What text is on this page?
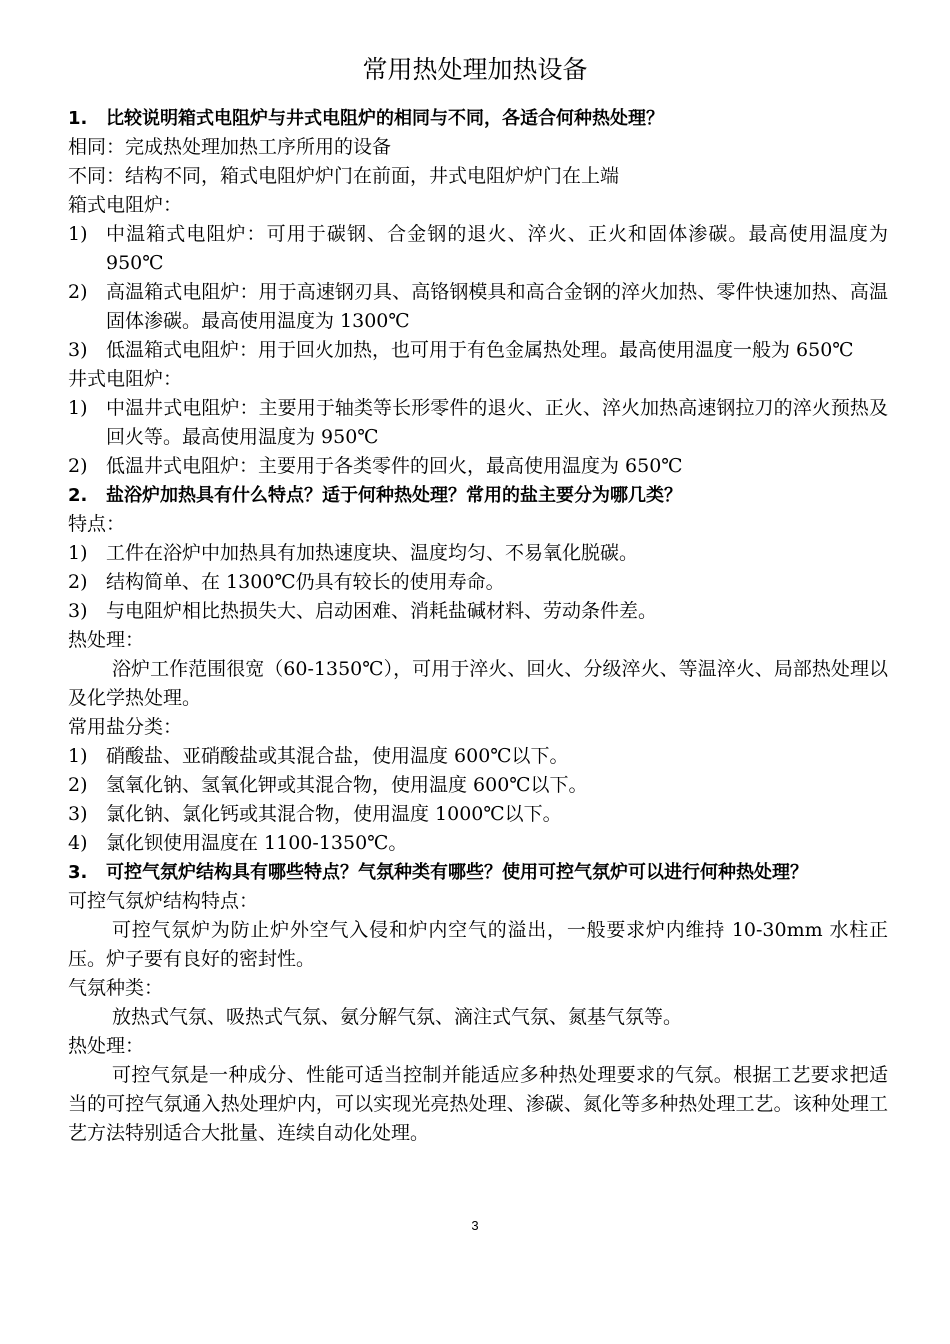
常用热处理加热设备
1.	比较说明箱式电阻炉与井式电阻炉的相同与不同，各适合何种热处理？
相同：完成热处理加热工序所用的设备
不同：结构不同，箱式电阻炉炉门在前面，井式电阻炉炉门在上端
箱式电阻炉：
1) 中温箱式电阻炉：可用于碳钢、合金钢的退火、淬火、正火和固体渗碳。最高使用温度为 950℃
2) 高温箱式电阻炉：用于高速钢刃具、高铬钢模具和高合金钢的淬火加热、零件快速加热、高温固体渗碳。最高使用温度为 1300℃
3) 低温箱式电阻炉：用于回火加热，也可用于有色金属热处理。最高使用温度一般为 650℃
井式电阻炉：
1) 中温井式电阻炉：主要用于轴类等长形零件的退火、正火、淬火加热高速钢拉刀的淬火预热及回火等。最高使用温度为 950℃
2) 低温井式电阻炉：主要用于各类零件的回火，最高使用温度为 650℃
2.	盐浴炉加热具有什么特点？适于何种热处理？常用的盐主要分为哪几类？
特点：
1) 工件在浴炉中加热具有加热速度块、温度均匀、不易氧化脱碳。
2) 结构简单、在 1300℃仍具有较长的使用寿命。
3) 与电阻炉相比热损失大、启动困难、消耗盐碱材料、劳动条件差。
热处理：
浴炉工作范围很宽（60-1350℃），可用于淬火、回火、分级淬火、等温淬火、局部热处理以及化学热处理。
常用盐分类：
1) 硝酸盐、亚硝酸盐或其混合盐，使用温度 600℃以下。
2) 氢氧化钠、氢氧化钾或其混合物，使用温度 600℃以下。
3) 氯化钠、氯化钙或其混合物，使用温度 1000℃以下。
4) 氯化钡使用温度在 1100-1350℃。
3.	可控气氛炉结构具有哪些特点？气氛种类有哪些？使用可控气氛炉可以进行何种热处理？
可控气氛炉结构特点：
可控气氛炉为防止炉外空气入侵和炉内空气的溢出，一般要求炉内维持 10-30mm 水柱正压。炉子要有良好的密封性。
气氛种类：
放热式气氛、吸热式气氛、氨分解气氛、滴注式气氛、氮基气氛等。
热处理：
可控气氛是一种成分、性能可适当控制并能适应多种热处理要求的气氛。根据工艺要求把适当的可控气氛通入热处理炉内，可以实现光亮热处理、渗碳、氮化等多种热处理工艺。该种处理工艺方法特别适合大批量、连续自动化处理。
3
